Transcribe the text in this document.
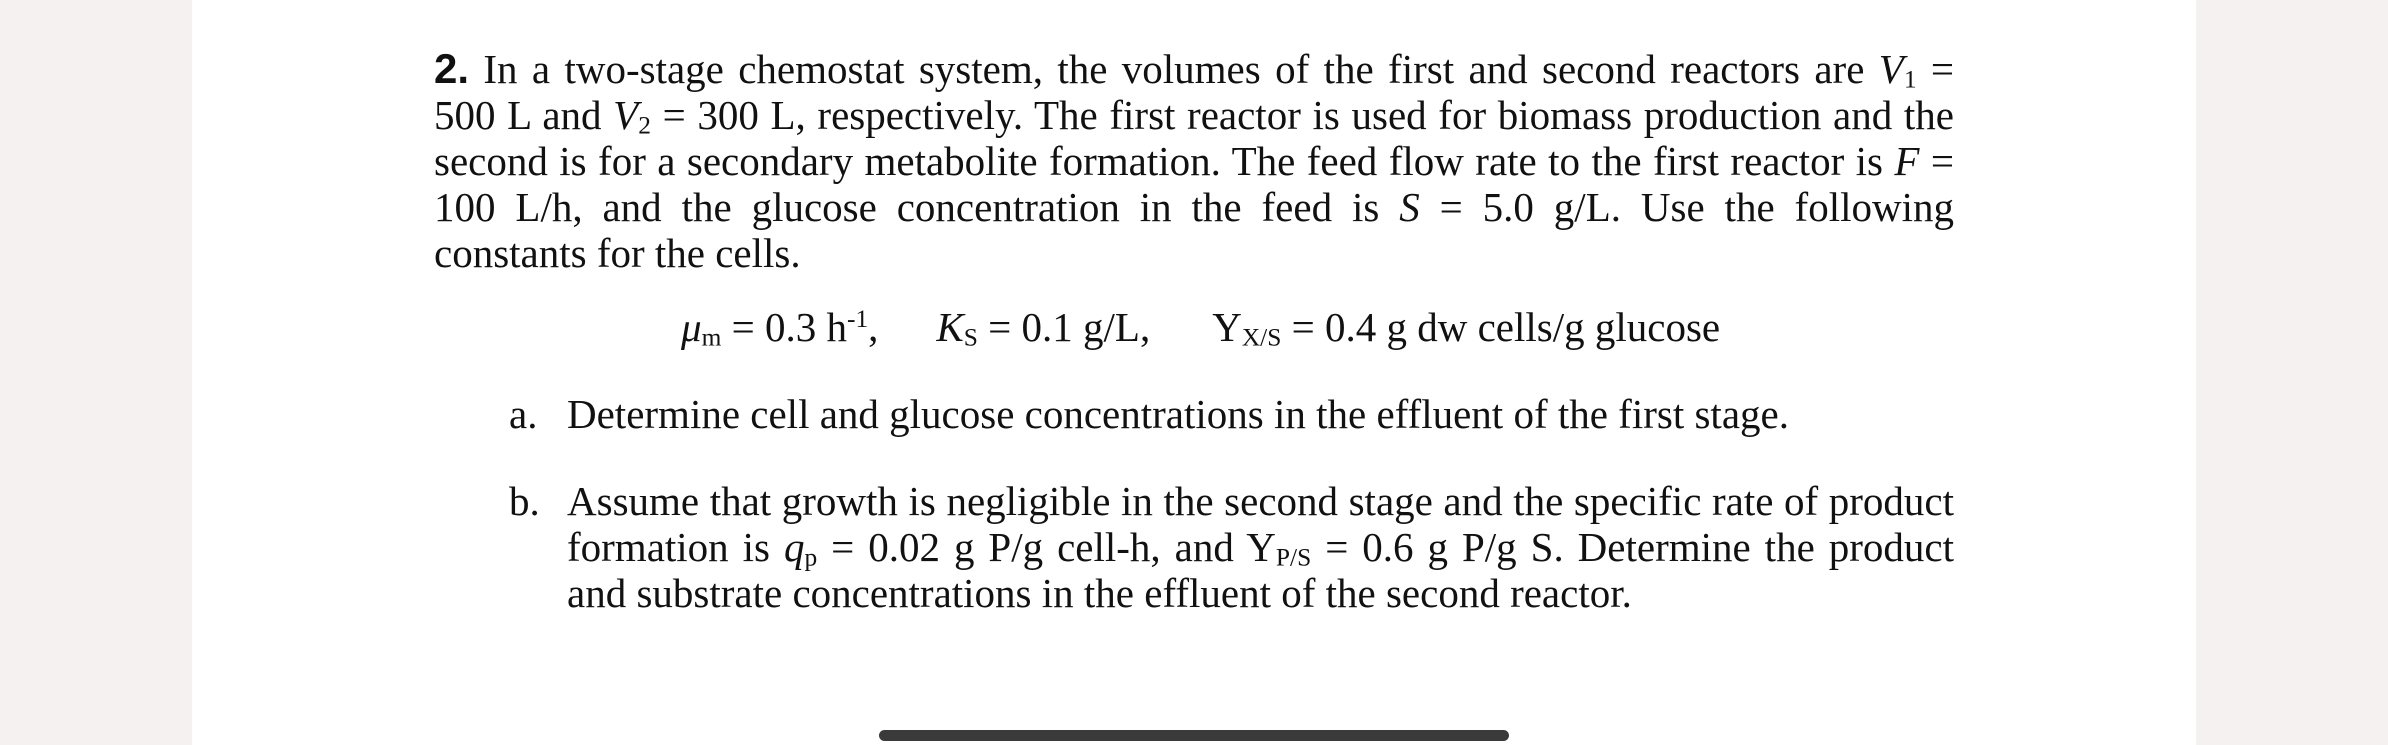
2. In a two-stage chemostat system, the volumes of the first and second reactors are $V_1 = 500$ L and $V_2 = 300$ L, respectively. The first reactor is used for biomass production and the second is for a secondary metabolite formation. The feed flow rate to the first reactor is F = 100 L/h, and the glucose concentration in the feed is S = 5.0 g/L. Use the following constants for the cells.
$\mu_m = 0.3$ $h^{-1}$, $K_S = 0.1$ g/L, $Y_{X/S} = 0.4$ g dw cells/g glucose
a. Determine cell and glucose concentrations in the effluent of the first stage.
b. Assume that growth is negligible in the second stage and the specific rate of product formation is $q_p = 0.02$ g P/g cell-h, and $Y_{P/S} = 0.6$ g P/g S. Determine the product and substrate concentrations in the effluent of the second reactor.
